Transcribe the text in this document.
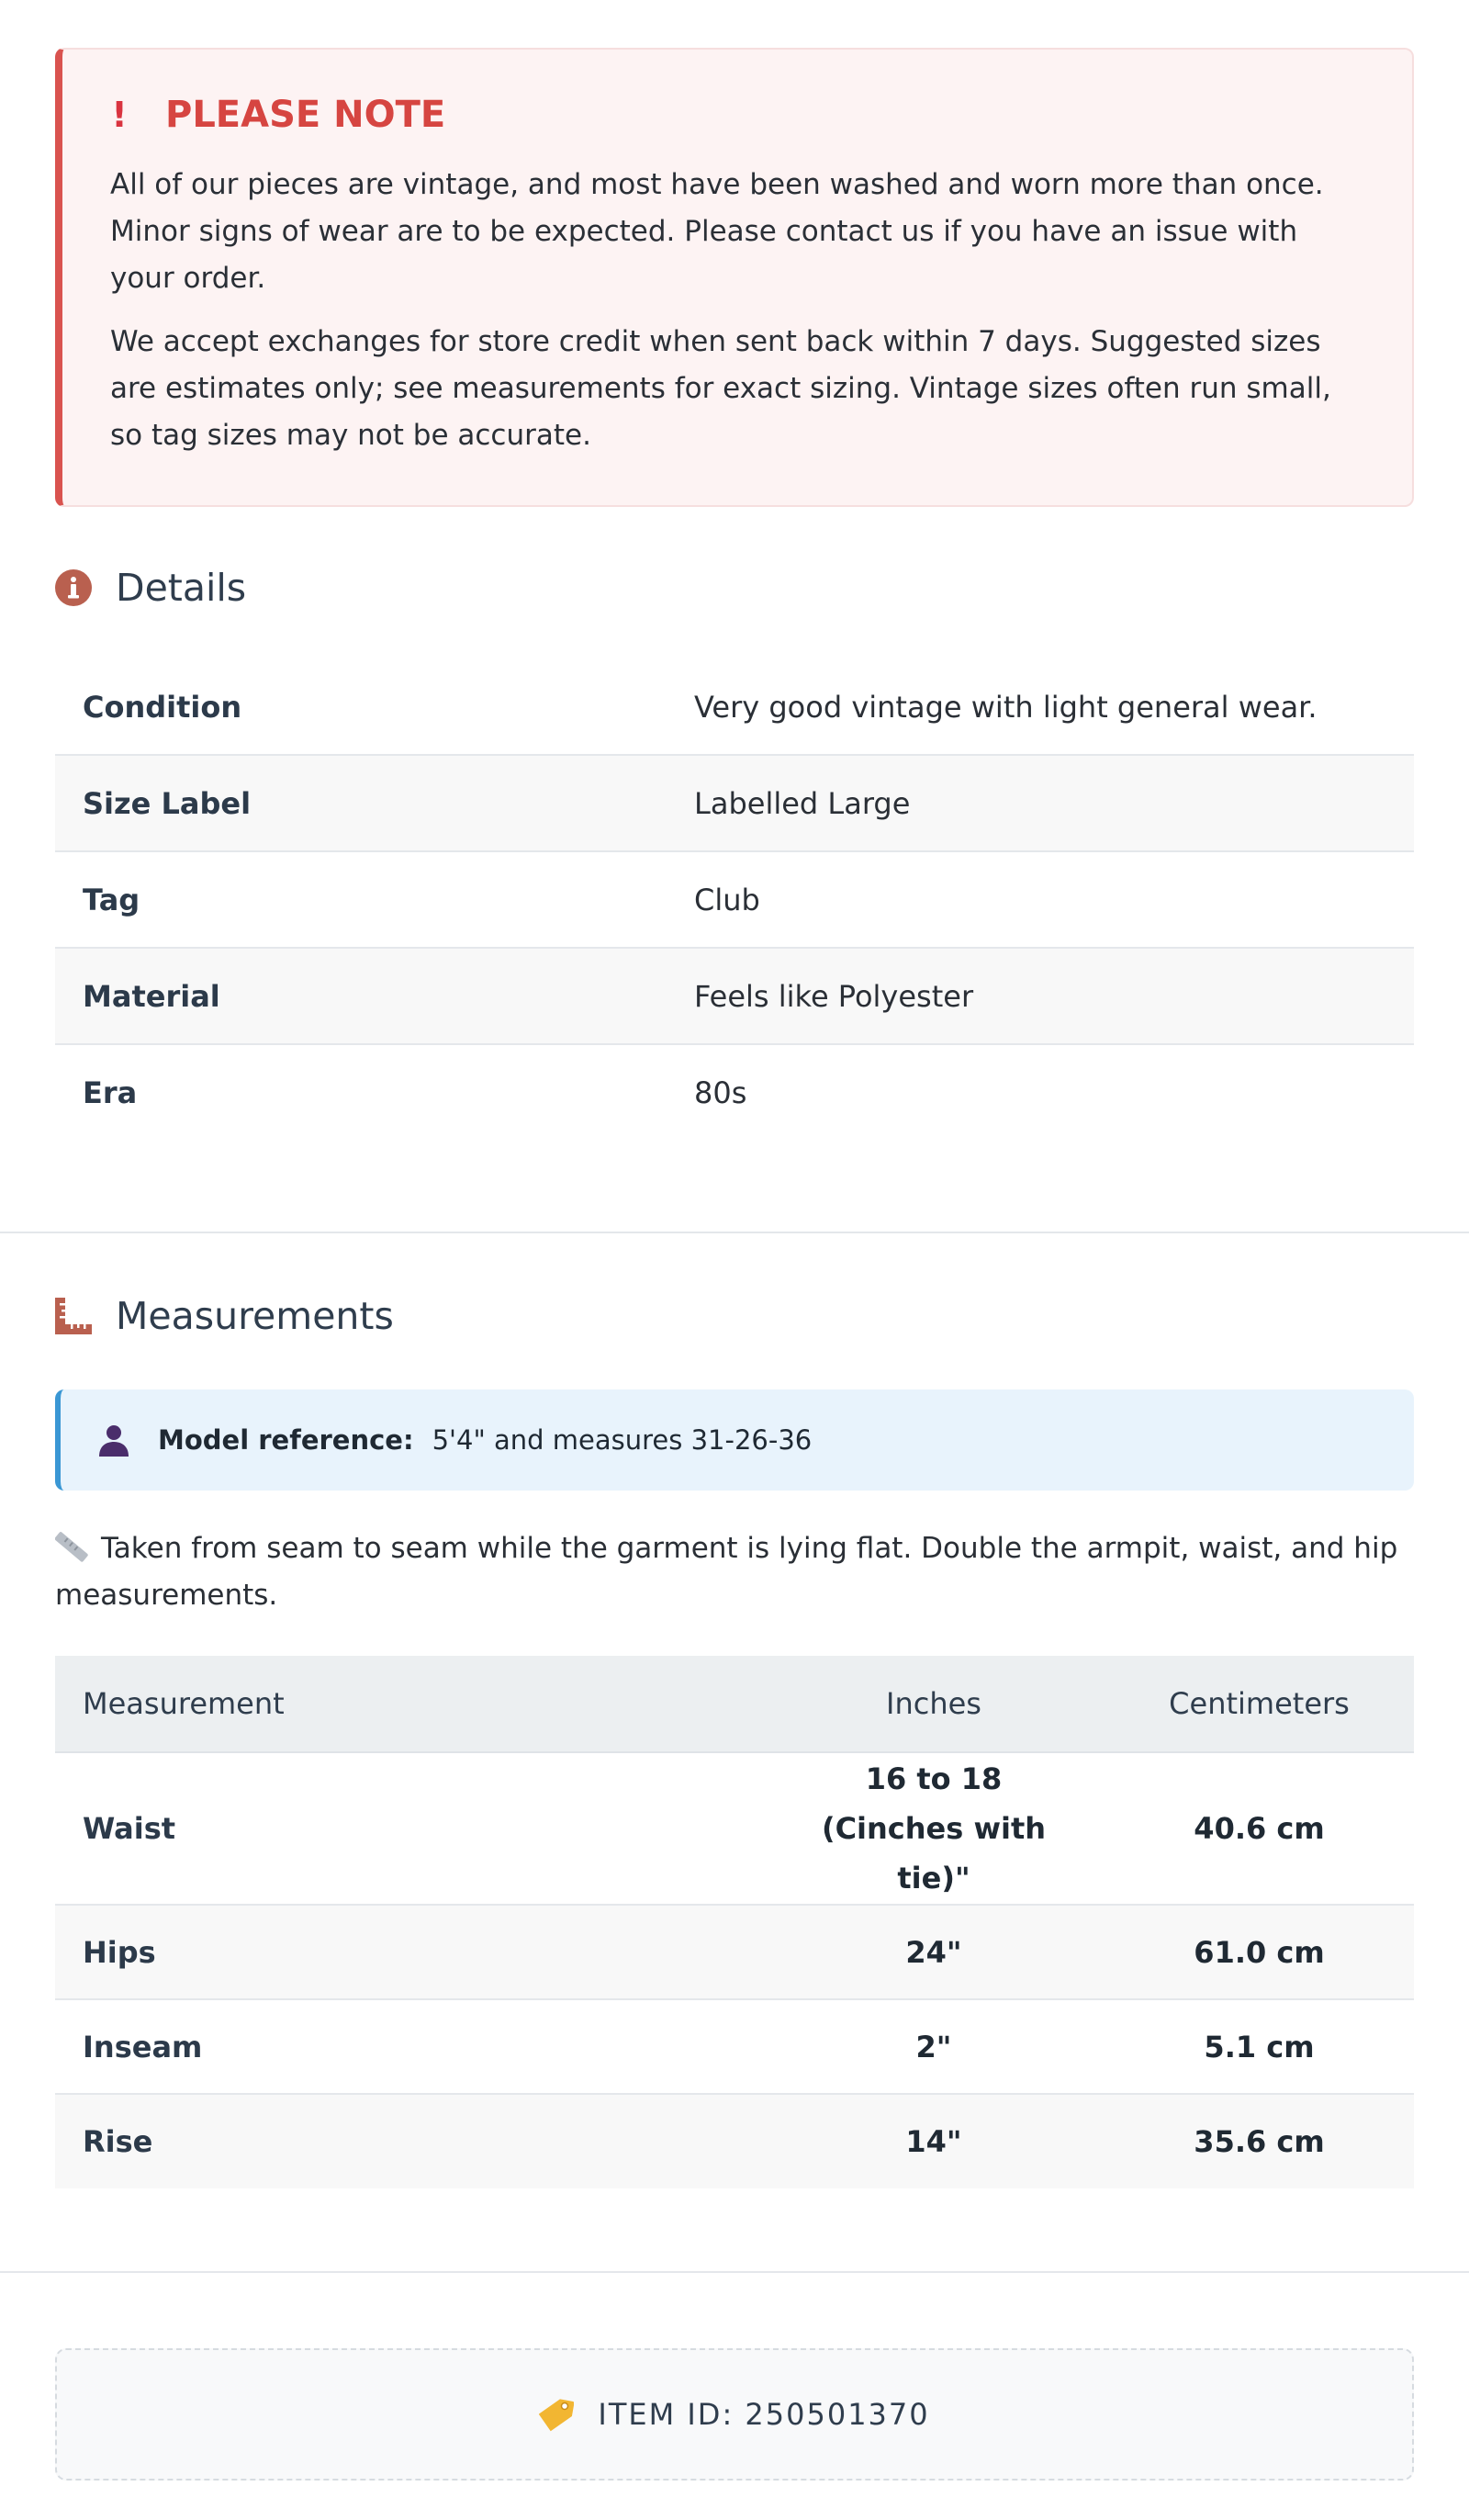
! PLEASE NOTE

All of our pieces are vintage, and most have been washed and worn more than once. Minor signs of wear are to be expected. Please contact us if you have an issue with your order.

We accept exchanges for store credit when sent back within 7 days. Suggested sizes are estimates only; see measurements for exact sizing. Vintage sizes often run small, so tag sizes may not be accurate.

Details
Condition	Very good vintage with light general wear.
Size Label	Labelled Large
Tag	Club
Material	Feels like Polyester
Era	80s
Measurements
Model reference: 5'4" and measures 31-26-36
Taken from seam to seam while the garment is lying flat. Double the armpit, waist, and hip measurements.
Measurement	Inches	Centimeters
Waist	16 to 18 (Cinches with tie)"	40.6 cm
Hips	24"	61.0 cm
Inseam	2"	5.1 cm
Rise	14"	35.6 cm
ITEM ID: 250501370
